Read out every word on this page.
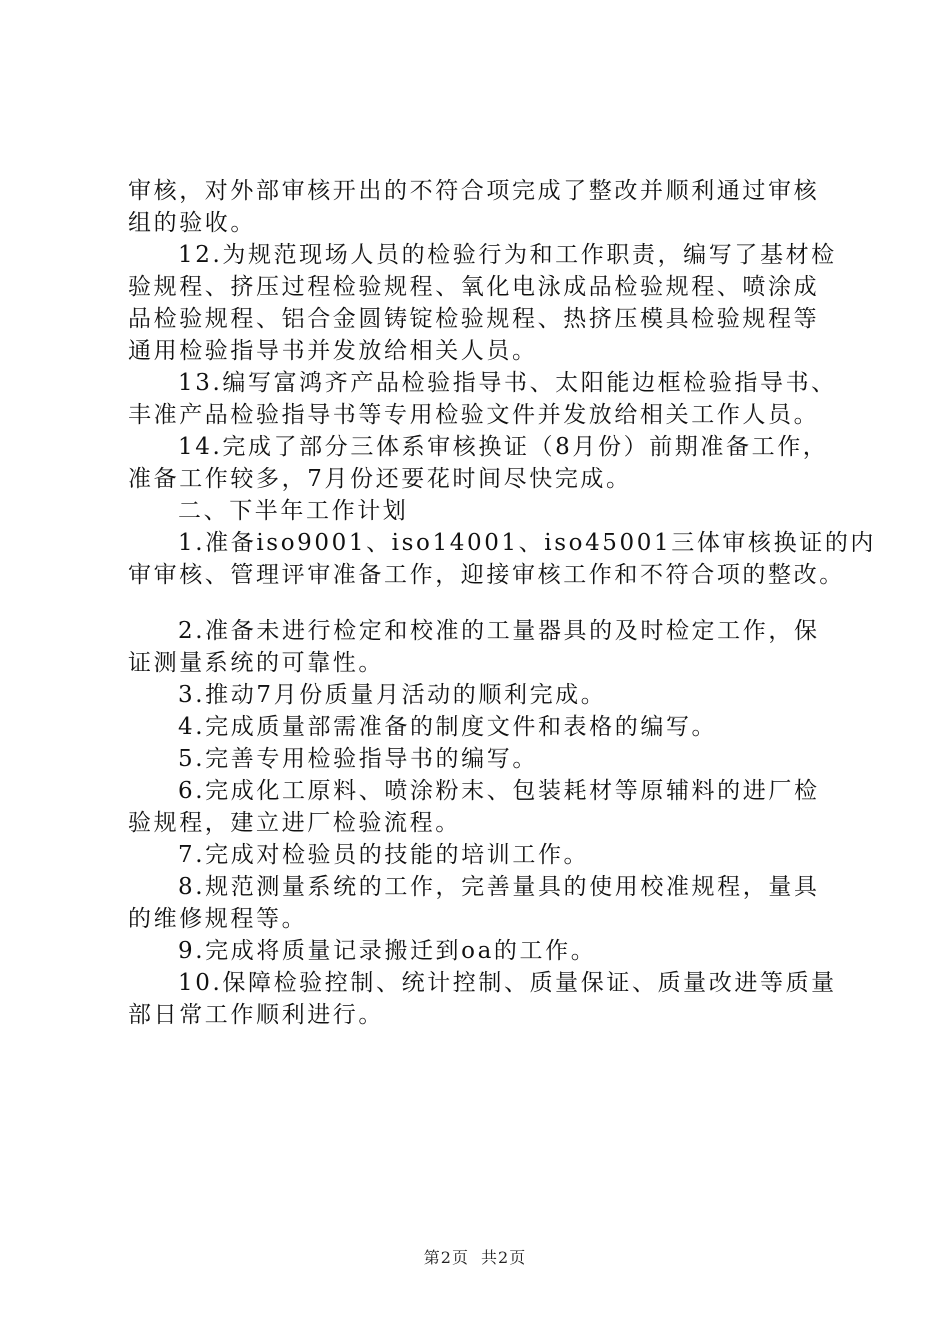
审核，对外部审核开出的不符合项完成了整改并顺利通过审核
组的验收。
12.为规范现场人员的检验行为和工作职责，编写了基材检
验规程、挤压过程检验规程、氧化电泳成品检验规程、喷涂成
品检验规程、铝合金圆铸锭检验规程、热挤压模具检验规程等
通用检验指导书并发放给相关人员。
13.编写富鸿齐产品检验指导书、太阳能边框检验指导书、
丰准产品检验指导书等专用检验文件并发放给相关工作人员。
14.完成了部分三体系审核换证（8月份）前期准备工作，
准备工作较多，7月份还要花时间尽快完成。
二、下半年工作计划
1.准备iso9001、iso14001、iso45001三体审核换证的内
审审核、管理评审准备工作，迎接审核工作和不符合项的整改。
2.准备未进行检定和校准的工量器具的及时检定工作，保
证测量系统的可靠性。
3.推动7月份质量月活动的顺利完成。
4.完成质量部需准备的制度文件和表格的编写。
5.完善专用检验指导书的编写。
6.完成化工原料、喷涂粉末、包装耗材等原辅料的进厂检
验规程，建立进厂检验流程。
7.完成对检验员的技能的培训工作。
8.规范测量系统的工作，完善量具的使用校准规程，量具
的维修规程等。
9.完成将质量记录搬迁到oa的工作。
10.保障检验控制、统计控制、质量保证、质量改进等质量
部日常工作顺利进行。
第2页 共2页
